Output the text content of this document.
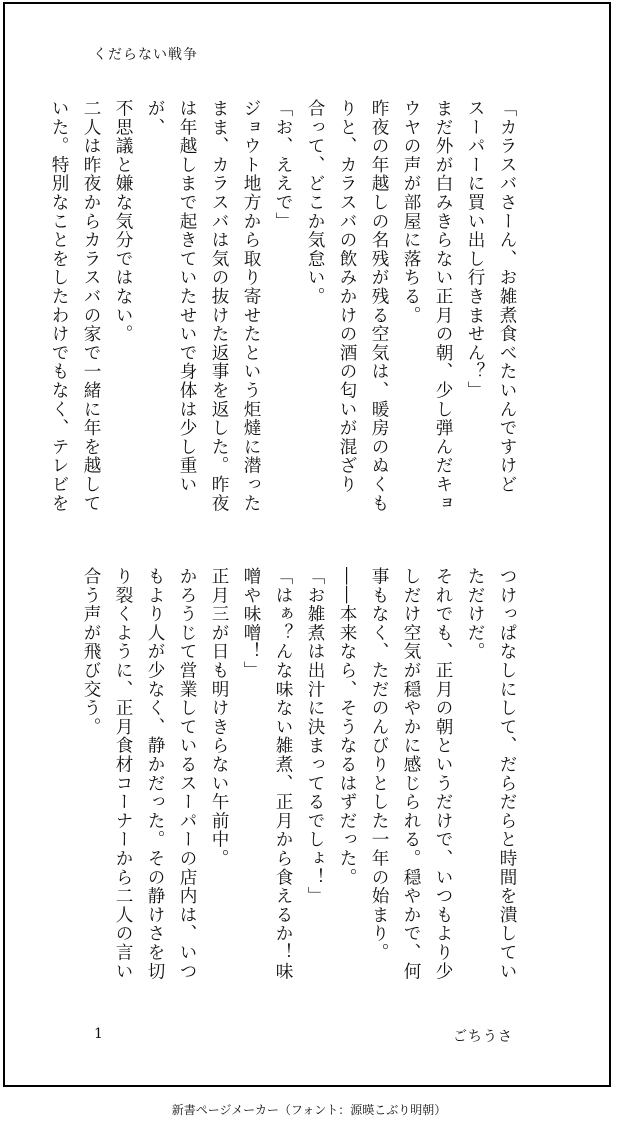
くだらない戦争

「カラスバさーん、お雑煮食べたいんですけど

スーパーに買い出し行きません？」

まだ外が白みきらない正月の朝、少し弾んだキョ

ウヤの声が部屋に落ちる。

昨夜の年越しの名残が残る空気は、暖房のぬくも

りと、カラスバの飲みかけの酒の匂いが混ざり

合って、どこか気怠い。

「お、ええで」

ジョウト地方から取り寄せたという炬燵に潜った

まま、カラスバは気の抜けた返事を返した。昨夜

は年越しまで起きていたせいで身体は少し重いが、

不思議と嫌な気分ではない。

二人は昨夜からカラスバの家で一緒に年を越して

いた。特別なことをしたわけでもなく、テレビを

つけっぱなしにして、だらだらと時間を潰してい

ただけだ。

それでも、正月の朝というだけで、いつもより少

しだけ空気が穏やかに感じられる。穏やかで、何

事もなく、ただのんびりとした一年の始まり。

――本来なら、そうなるはずだった。

「お雑煮は出汁に決まってるでしょ！」

「はぁ？んな味ない雑煮、正月から食えるか！味

噌や味噌！」

正月三が日も明けきらない午前中。

かろうじて営業しているスーパーの店内は、いつ

もより人が少なく、静かだった。その静けさを切

り裂くように、正月食材コーナーから二人の言い

合う声が飛び交う。

1	ごちうさ
新書ページメーカー（フォント：源暎こぶり明朝）
